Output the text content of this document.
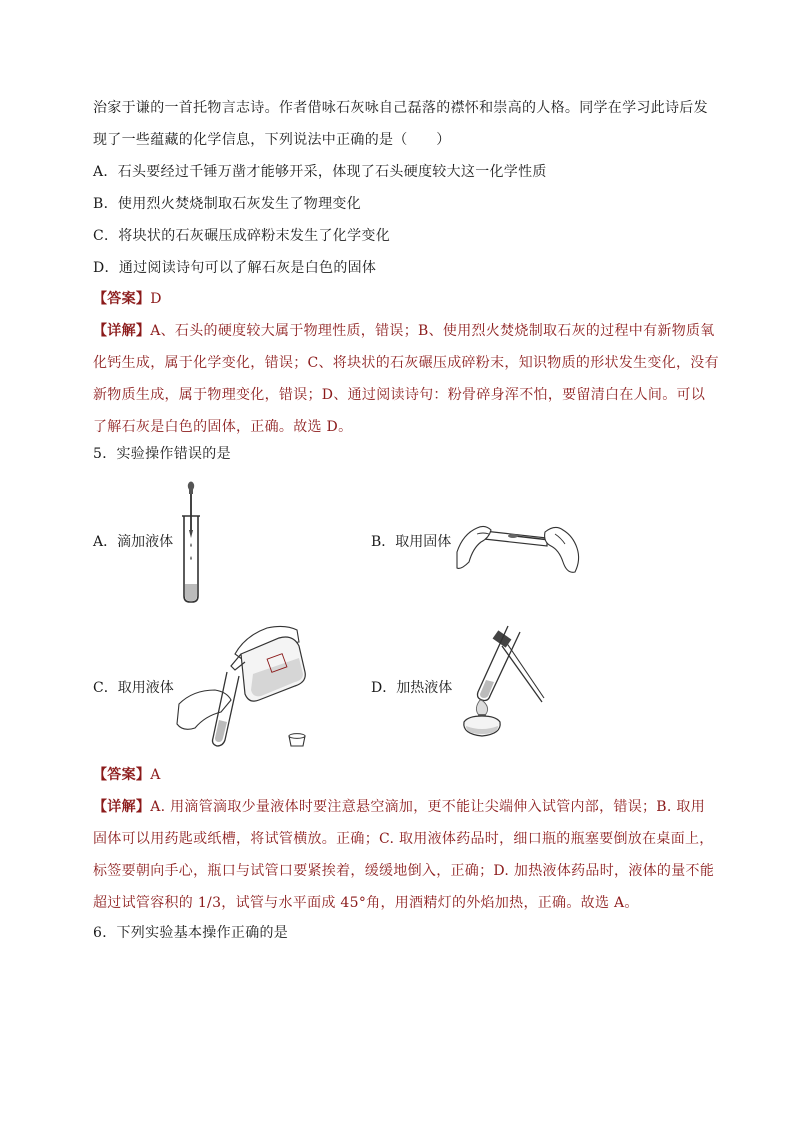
治家于谦的一首托物言志诗。作者借咏石灰咏自己磊落的襟怀和崇高的人格。同学在学习此诗后发
现了一些蕴藏的化学信息，下列说法中正确的是（　　）
A．石头要经过千锤万凿才能够开采，体现了石头硬度较大这一化学性质
B．使用烈火焚烧制取石灰发生了物理变化
C．将块状的石灰碾压成碎粉末发生了化学变化
D．通过阅读诗句可以了解石灰是白色的固体
【答案】D
【详解】A、石头的硬度较大属于物理性质，错误；B、使用烈火焚烧制取石灰的过程中有新物质氧
化钙生成，属于化学变化，错误；C、将块状的石灰碾压成碎粉末，知识物质的形状发生变化，没有
新物质生成，属于物理变化，错误；D、通过阅读诗句：粉骨碎身浑不怕，要留清白在人间。可以
了解石灰是白色的固体，正确。故选 D。
5．实验操作错误的是
A．滴加液体	B．取用固体
C．取用液体	D．加热液体
【答案】A
【详解】A. 用滴管滴取少量液体时要注意悬空滴加，更不能让尖端伸入试管内部，错误；B. 取用
固体可以用药匙或纸槽，将试管横放。正确；C. 取用液体药品时，细口瓶的瓶塞要倒放在桌面上，
标签要朝向手心，瓶口与试管口要紧挨着，缓缓地倒入，正确；D. 加热液体药品时，液体的量不能
超过试管容积的 1/3，试管与水平面成 45°角，用酒精灯的外焰加热，正确。故选 A。
6．下列实验基本操作正确的是
